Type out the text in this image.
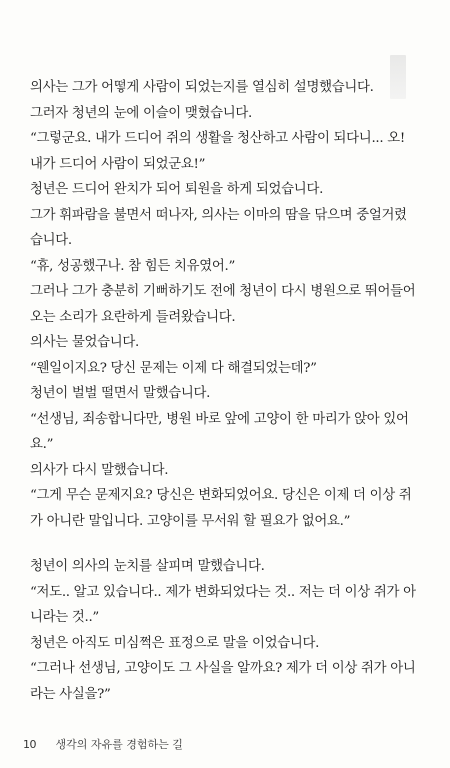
의사는 그가 어떻게 사람이 되었는지를 열심히 설명했습니다.
그러자 청년의 눈에 이슬이 맺혔습니다.
“그렇군요. 내가 드디어 쥐의 생활을 청산하고 사람이 되다니... 오!
내가 드디어 사람이 되었군요!”
청년은 드디어 완치가 되어 퇴원을 하게 되었습니다.
그가 휘파람을 불면서 떠나자, 의사는 이마의 땀을 닦으며 중얼거렸
습니다.
“휴, 성공했구나. 참 힘든 치유였어.”
그러나 그가 충분히 기뻐하기도 전에 청년이 다시 병원으로 뛰어들어
오는 소리가 요란하게 들려왔습니다.
의사는 물었습니다.
“웬일이지요? 당신 문제는 이제 다 해결되었는데?”
청년이 벌벌 떨면서 말했습니다.
“선생님, 죄송합니다만, 병원 바로 앞에 고양이 한 마리가 앉아 있어
요.”
의사가 다시 말했습니다.
“그게 무슨 문제지요? 당신은 변화되었어요. 당신은 이제 더 이상 쥐
가 아니란 말입니다. 고양이를 무서워 할 필요가 없어요.”
청년이 의사의 눈치를 살피며 말했습니다.
“저도.. 알고 있습니다.. 제가 변화되었다는 것.. 저는 더 이상 쥐가 아
니라는 것..”
청년은 아직도 미심쩍은 표정으로 말을 이었습니다.
“그러나 선생님, 고양이도 그 사실을 알까요? 제가 더 이상 쥐가 아니
라는 사실을?”
10 생각의 자유를 경험하는 길
